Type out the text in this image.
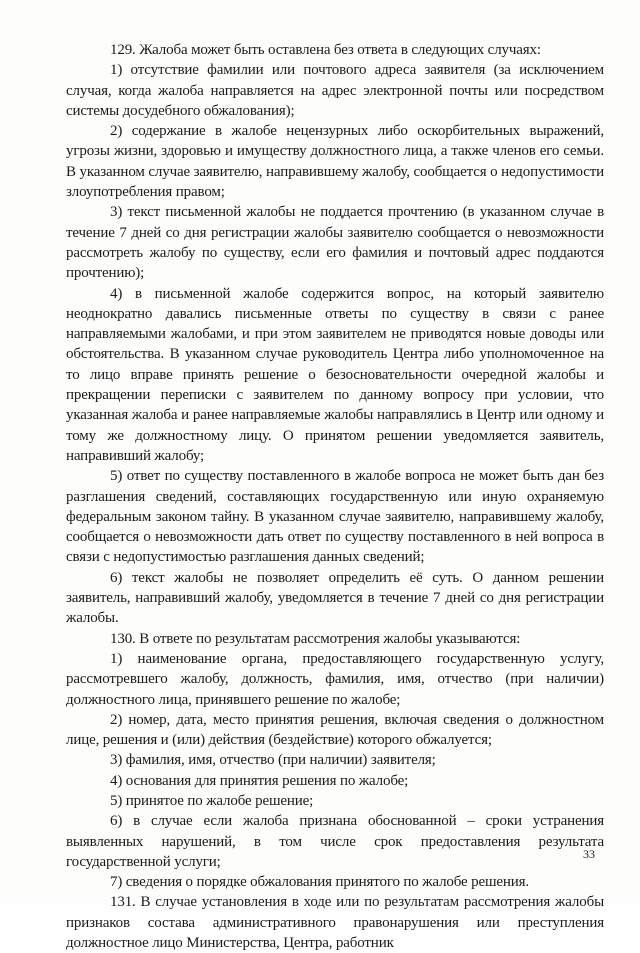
129. Жалоба может быть оставлена без ответа в следующих случаях:

1) отсутствие фамилии или почтового адреса заявителя (за исключением случая, когда жалоба направляется на адрес электронной почты или посредством системы досудебного обжалования);

2) содержание в жалобе нецензурных либо оскорбительных выражений, угрозы жизни, здоровью и имуществу должностного лица, а также членов его семьи. В указанном случае заявителю, направившему жалобу, сообщается о недопустимости злоупотребления правом;

3) текст письменной жалобы не поддается прочтению (в указанном случае в течение 7 дней со дня регистрации жалобы заявителю сообщается о невозможности рассмотреть жалобу по существу, если его фамилия и почтовый адрес поддаются прочтению);

4) в письменной жалобе содержится вопрос, на который заявителю неоднократно давались письменные ответы по существу в связи с ранее направляемыми жалобами, и при этом заявителем не приводятся новые доводы или обстоятельства. В указанном случае руководитель Центра либо уполномоченное на то лицо вправе принять решение о безосновательности очередной жалобы и прекращении переписки с заявителем по данному вопросу при условии, что указанная жалоба и ранее направляемые жалобы направлялись в Центр или одному и тому же должностному лицу. О принятом решении уведомляется заявитель, направивший жалобу;

5) ответ по существу поставленного в жалобе вопроса не может быть дан без разглашения сведений, составляющих государственную или иную охраняемую федеральным законом тайну. В указанном случае заявителю, направившему жалобу, сообщается о невозможности дать ответ по существу поставленного в ней вопроса в связи с недопустимостью разглашения данных сведений;

6) текст жалобы не позволяет определить её суть. О данном решении заявитель, направивший жалобу, уведомляется в течение 7 дней со дня регистрации жалобы.

130. В ответе по результатам рассмотрения жалобы указываются:

1) наименование органа, предоставляющего государственную услугу, рассмотревшего жалобу, должность, фамилия, имя, отчество (при наличии) должностного лица, принявшего решение по жалобе;

2) номер, дата, место принятия решения, включая сведения о должностном лице, решения и (или) действия (бездействие) которого обжалуется;

3) фамилия, имя, отчество (при наличии) заявителя;

4) основания для принятия решения по жалобе;

5) принятое по жалобе решение;

6) в случае если жалоба признана обоснованной – сроки устранения выявленных нарушений, в том числе срок предоставления результата государственной услуги;

7) сведения о порядке обжалования принятого по жалобе решения.

131. В случае установления в ходе или по результатам рассмотрения жалобы признаков состава административного правонарушения или преступления должностное лицо Министерства, Центра, работник

33
